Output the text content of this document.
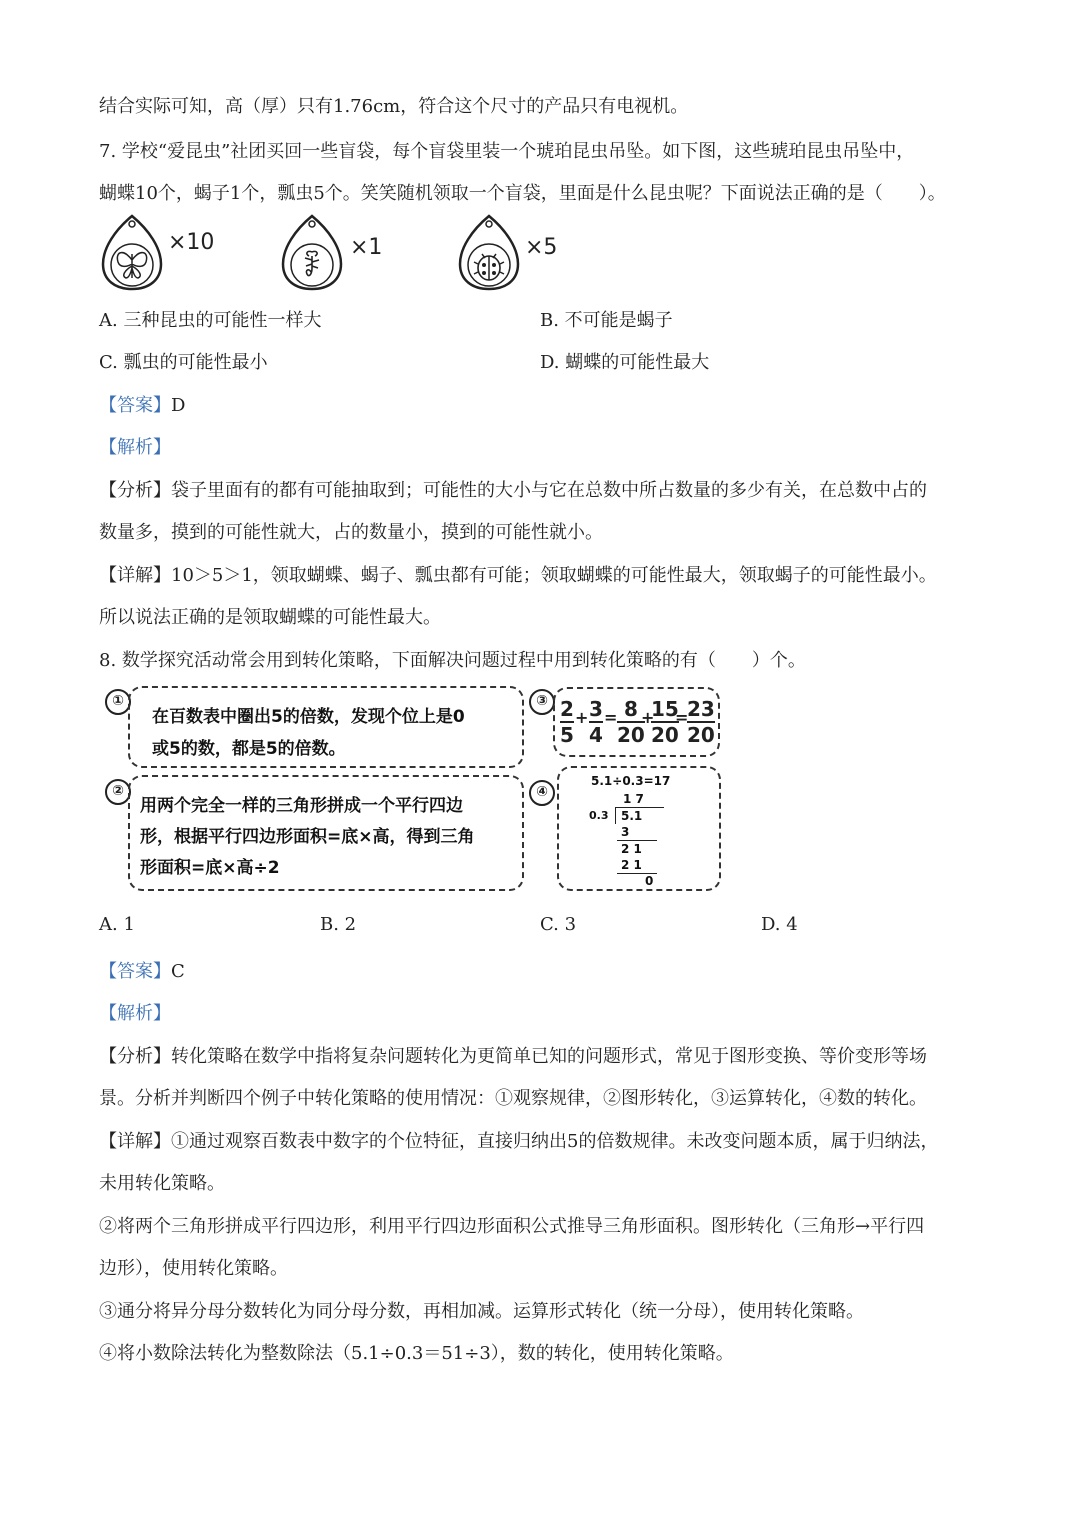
结合实际可知，高（厚）只有1.76cm，符合这个尺寸的产品只有电视机。
7. 学校“爱昆虫”社团买回一些盲袋，每个盲袋里装一个琥珀昆虫吊坠。如下图，这些琥珀昆虫吊坠中，
蝴蝶10个，蝎子1个，瓢虫5个。笑笑随机领取一个盲袋，里面是什么昆虫呢？下面说法正确的是（　　）。
×10	×1	×5
A. 三种昆虫的可能性一样大	B. 不可能是蝎子
C. 瓢虫的可能性最小	D. 蝴蝶的可能性最大
【答案】D
【解析】
【分析】袋子里面有的都有可能抽取到；可能性的大小与它在总数中所占数量的多少有关，在总数中占的
数量多，摸到的可能性就大，占的数量小，摸到的可能性就小。
【详解】10＞5＞1，领取蝴蝶、蝎子、瓢虫都有可能；领取蝴蝶的可能性最大，领取蝎子的可能性最小。
所以说法正确的是领取蝴蝶的可能性最大。
8. 数学探究活动常会用到转化策略，下面解决问题过程中用到转化策略的有（　　）个。
①
在百数表中圈出5的倍数，发现个位上是0
或5的数，都是5的倍数。
②
用两个完全一样的三角形拼成一个平行四边
形，根据平行四边形面积=底×高，得到三角
形面积=底×高÷2
③ $\frac{2}{5} + \frac{3}{4} = \frac{8}{20}$
+
$\frac{15}{20}$
=
$\frac{23}{20}$
④
5.1÷0.3=17
1 7
0.3 5.1
3
2 1
2 1
0
A. 1	B. 2	C. 3	D. 4
【答案】C
【解析】
【分析】转化策略在数学中指将复杂问题转化为更简单已知的问题形式，常见于图形变换、等价变形等场
景。分析并判断四个例子中转化策略的使用情况：①观察规律，②图形转化，③运算转化，④数的转化。
【详解】①通过观察百数表中数字的个位特征，直接归纳出5的倍数规律。未改变问题本质，属于归纳法，
未用转化策略。
②将两个三角形拼成平行四边形，利用平行四边形面积公式推导三角形面积。图形转化（三角形→平行四
边形），使用转化策略。
③通分将异分母分数转化为同分母分数，再相加减。运算形式转化（统一分母），使用转化策略。
④将小数除法转化为整数除法（5.1÷0.3＝51÷3），数的转化，使用转化策略。
